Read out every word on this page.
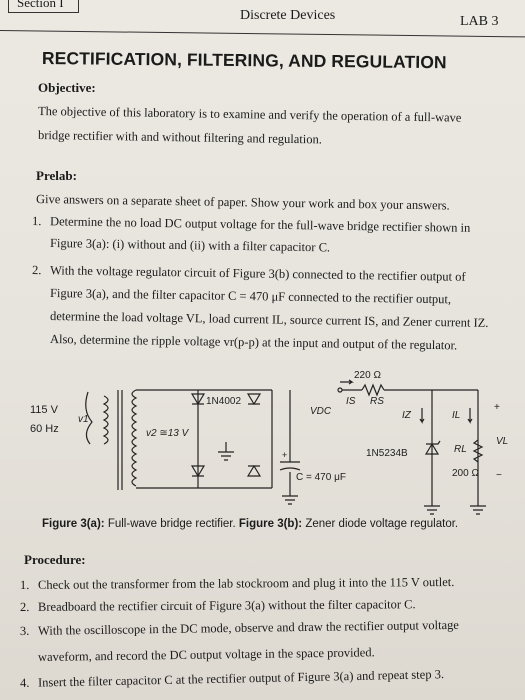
Section I
Discrete Devices	LAB 3
RECTIFICATION, FILTERING, AND REGULATION
Objective:
The objective of this laboratory is to examine and verify the operation of a full-wave
bridge rectifier with and without filtering and regulation.
Prelab:
Give answers on a separate sheet of paper. Show your work and box your answers.
1. Determine the no load DC output voltage for the full-wave bridge rectifier shown in
Figure 3(a): (i) without and (ii) with a filter capacitor C.
2. With the voltage regulator circuit of Figure 3(b) connected to the rectifier output of
Figure 3(a), and the filter capacitor C = 470 μF connected to the rectifier output,
determine the load voltage VL, load current IL, source current IS, and Zener current IZ.
Also, determine the ripple voltage vr(p-p) at the input and output of the regulator.
115 V
60 Hz
v1
v2 ≅13 V
1N4002
+
C = 470 μF
VDC
220 Ω
IS RS
1N5234B
IZ	IL
RL
200 Ω
+
VL
−
Figure 3(a): Full-wave bridge rectifier. Figure 3(b): Zener diode voltage regulator.
Procedure:
1. Check out the transformer from the lab stockroom and plug it into the 115 V outlet.
2. Breadboard the rectifier circuit of Figure 3(a) without the filter capacitor C.
3. With the oscilloscope in the DC mode, observe and draw the rectifier output voltage
waveform, and record the DC output voltage in the space provided.
4. Insert the filter capacitor C at the rectifier output of Figure 3(a) and repeat step 3.
